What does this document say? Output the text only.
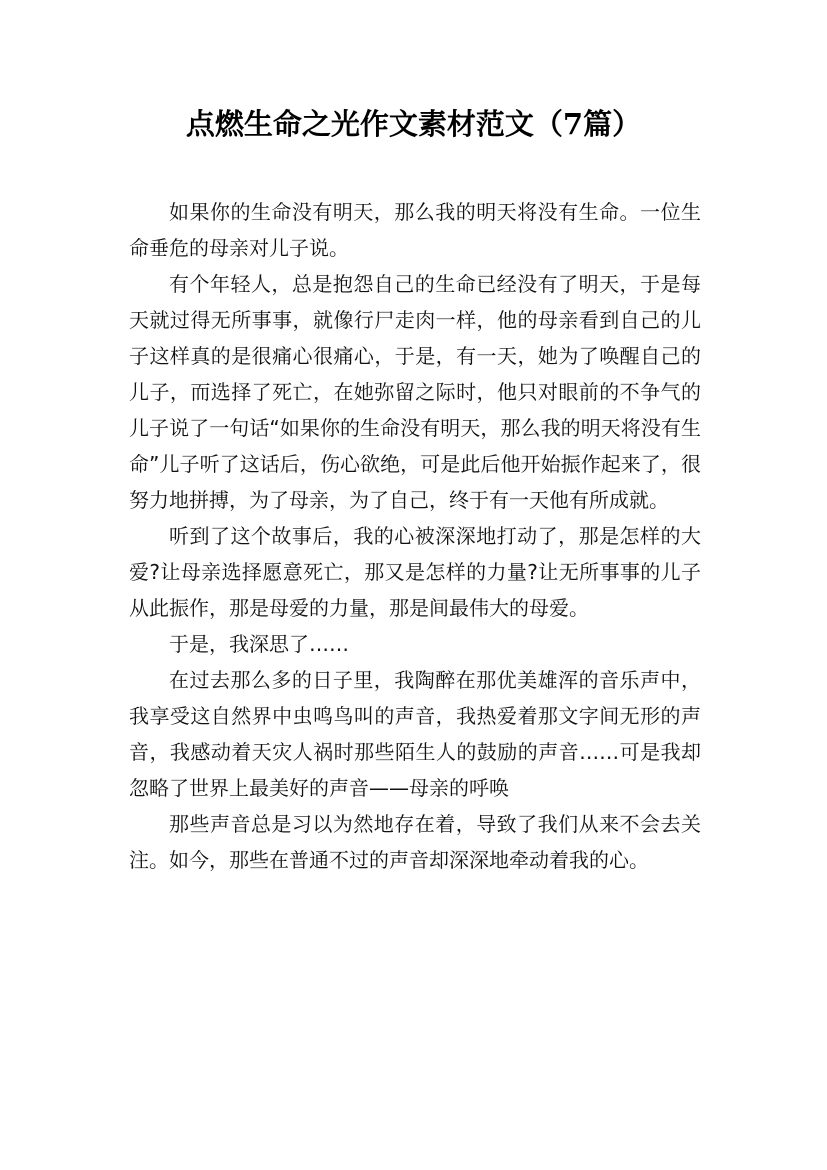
点燃生命之光作文素材范文（7篇）

如果你的生命没有明天，那么我的明天将没有生命。一位生命垂危的母亲对儿子说。

有个年轻人，总是抱怨自己的生命已经没有了明天，于是每天就过得无所事事，就像行尸走肉一样，他的母亲看到自己的儿子这样真的是很痛心很痛心，于是，有一天，她为了唤醒自己的儿子，而选择了死亡，在她弥留之际时，他只对眼前的不争气的儿子说了一句话“如果你的生命没有明天，那么我的明天将没有生命”儿子听了这话后，伤心欲绝，可是此后他开始振作起来了，很努力地拼搏，为了母亲，为了自己，终于有一天他有所成就。

听到了这个故事后，我的心被深深地打动了，那是怎样的大爱?让母亲选择愿意死亡，那又是怎样的力量?让无所事事的儿子从此振作，那是母爱的力量，那是间最伟大的母爱。

于是，我深思了……

在过去那么多的日子里，我陶醉在那优美雄浑的音乐声中，我享受这自然界中虫鸣鸟叫的声音，我热爱着那文字间无形的声音，我感动着天灾人祸时那些陌生人的鼓励的声音……可是我却忽略了世界上最美好的声音——母亲的呼唤

那些声音总是习以为然地存在着，导致了我们从来不会去关注。如今，那些在普通不过的声音却深深地牵动着我的心。
